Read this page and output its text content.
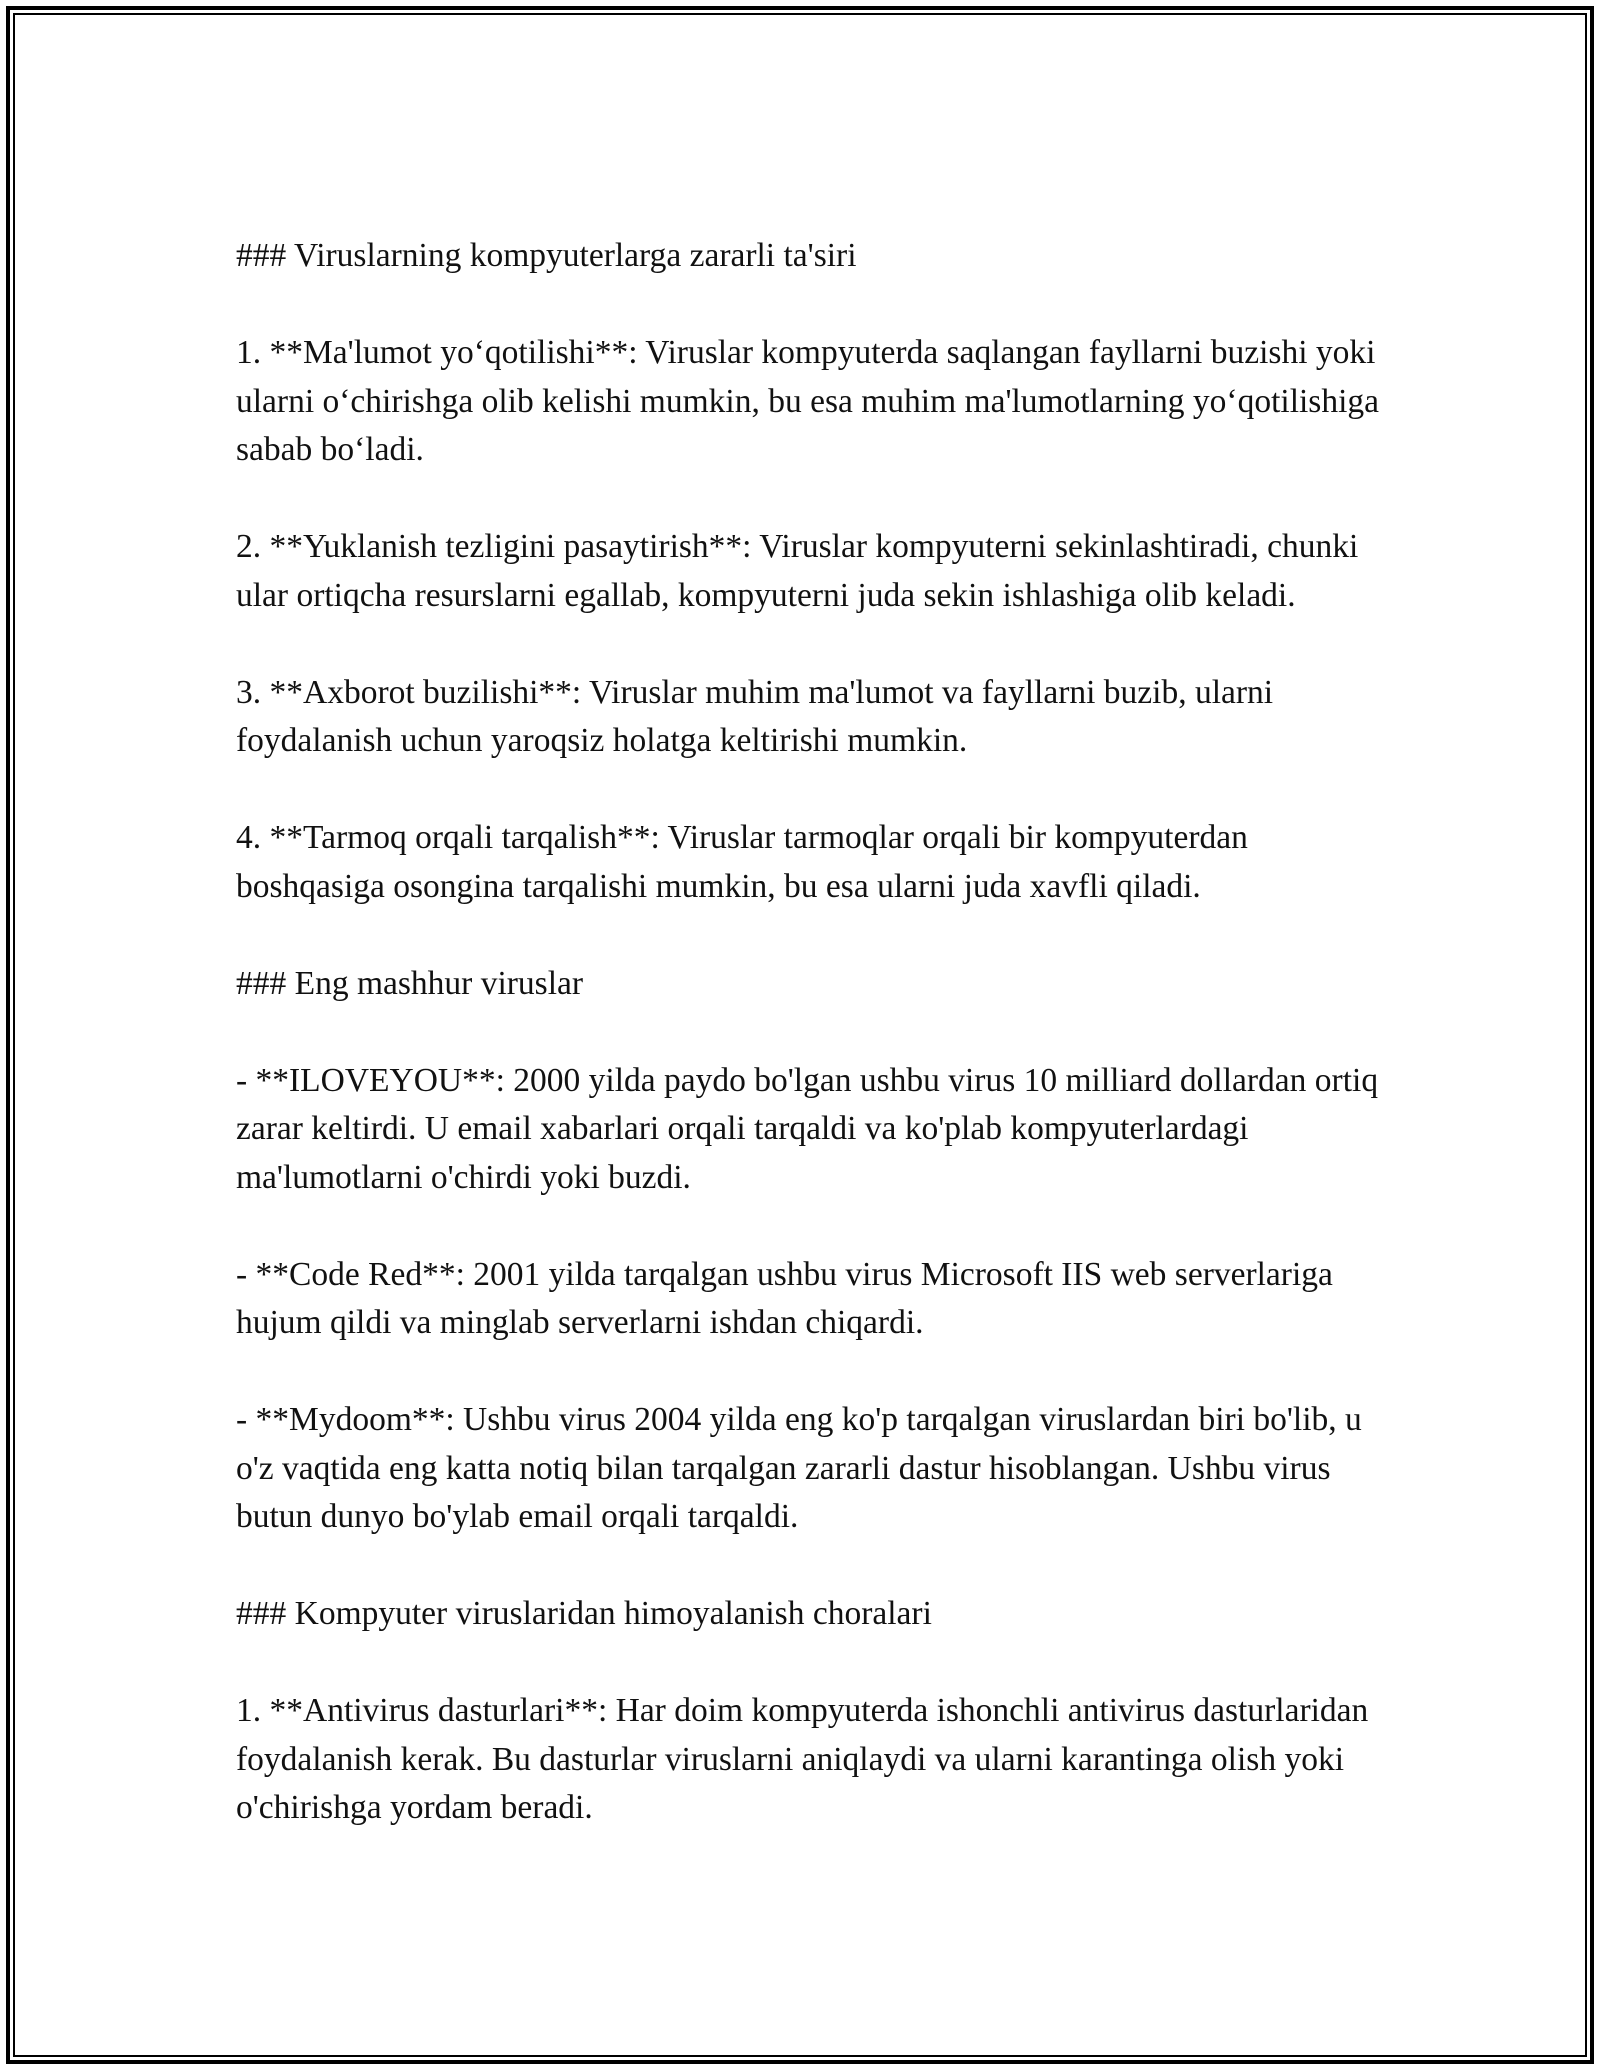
### Viruslarning kompyuterlarga zararli ta's​iri

1. **Ma'lumot yo‘qotilishi**: Viruslar kompyuterda saqlangan fayllarni buzishi yoki ularni o‘chirishga olib kelishi mumkin, bu esa muhim ma'lumotlarning yo‘qotilishiga sabab bo‘ladi.

2. **Yuklanish tezligini pasaytirish**: Viruslar kompyuterni sekinlashtiradi, chunki ular ortiqcha resurslarni egallab, kompyuterni juda sekin ishlashiga olib keladi.

3. **Axborot buzilishi**: Viruslar muhim ma'lumot va fayllarni buzib, ularni foydalanish uchun yaroqsiz holatga keltirishi mumkin.

4. **Tarmoq orqali tarqalish**: Viruslar tarmoqlar orqali bir kompyuterdan boshqasiga osongina tarqalishi mumkin, bu esa ularni juda xavfli qiladi.

### Eng mashhur viruslar

- **ILOVEYOU**: 2000 yilda paydo bo'lgan ushbu virus 10 milliard dollardan ortiq zarar keltirdi. U email xabarlari orqali tarqaldi va ko'plab kompyuterlardagi ma'lumotlarni o'chirdi yoki buzdi.

- **Code Red**: 2001 yilda tarqalgan ushbu virus Microsoft IIS web serverlariga hujum qildi va minglab serverlarni ishdan chiqardi.

- **Mydoom**: Ushbu virus 2004 yilda eng ko'p tarqalgan viruslardan biri bo'lib, u o'z vaqtida eng katta notiq bilan tarqalgan zararli dastur hisoblangan. Ushbu virus butun dunyo bo'ylab email orqali tarqaldi.

### Kompyuter viruslaridan himoyalanish choralari

1. **Antivirus dasturlari**: Har doim kompyuterda ishonchli antivirus dasturlaridan foydalanish kerak. Bu dasturlar viruslarni aniqlaydi va ularni karantinga olish yoki o'chirishga yordam beradi.
